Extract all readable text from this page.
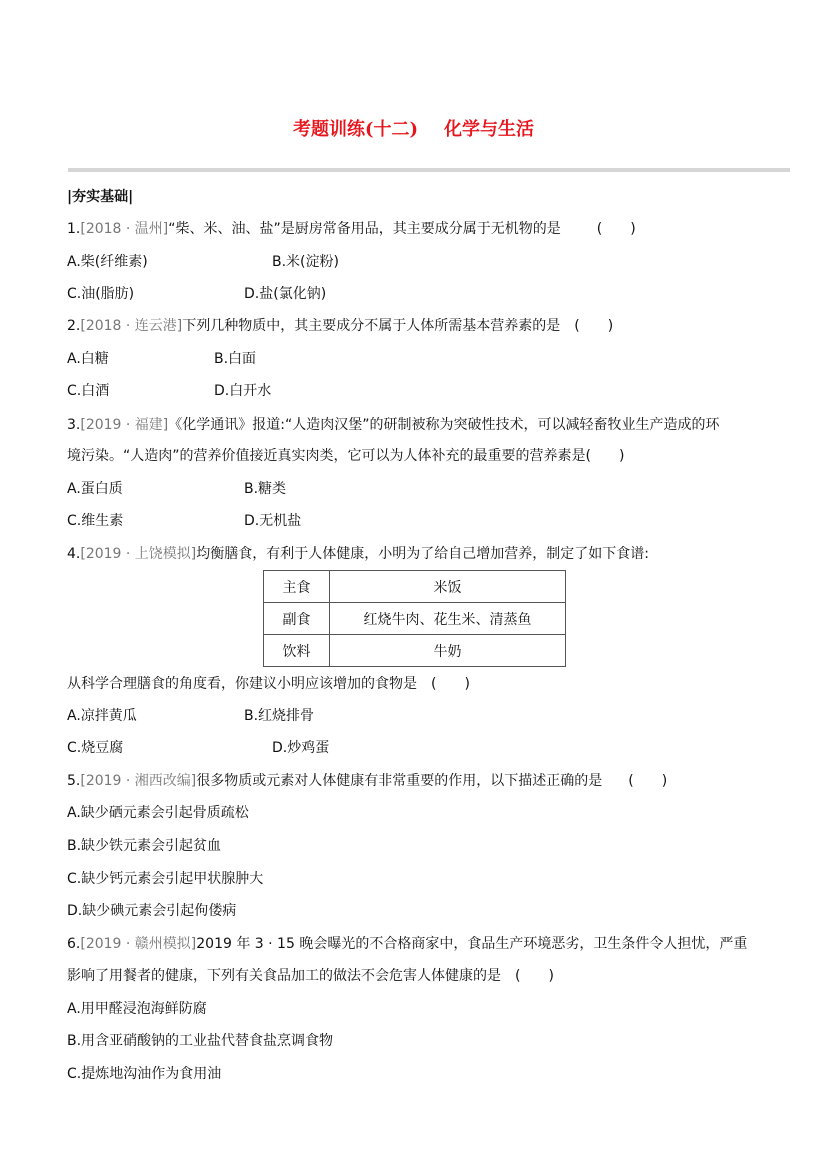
考题训练(十二) 化学与生活
|夯实基础|
1.[2018 · 温州]“柴、米、油、盐”是厨房常备用品，其主要成分属于无机物的是	(　　)
A.柴(纤维素)	B.米(淀粉)
C.油(脂肪)	D.盐(氯化钠)
2.[2018 · 连云港]下列几种物质中，其主要成分不属于人体所需基本营养素的是 (　　)
A.白糖	B.白面
C.白酒	D.白开水
3.[2019 · 福建]《化学通讯》报道:“人造肉汉堡”的研制被称为突破性技术，可以减轻畜牧业生产造成的环
境污染。“人造肉”的营养价值接近真实肉类，它可以为人体补充的最重要的营养素是(　　)
A.蛋白质	B.糖类
C.维生素	D.无机盐
4.[2019 · 上饶模拟]均衡膳食，有利于人体健康，小明为了给自己增加营养，制定了如下食谱:
主食	米饭
副食	红烧牛肉、花生米、清蒸鱼
饮料	牛奶
从科学合理膳食的角度看，你建议小明应该增加的食物是 (　　)
A.凉拌黄瓜	B.红烧排骨
C.烧豆腐	D.炒鸡蛋
5.[2019 · 湘西改编]很多物质或元素对人体健康有非常重要的作用，以下描述正确的是 (　　)
A.缺少硒元素会引起骨质疏松
B.缺少铁元素会引起贫血
C.缺少钙元素会引起甲状腺肿大
D.缺少碘元素会引起佝偻病
6.[2019 · 赣州模拟]2019 年 3 · 15 晚会曝光的不合格商家中，食品生产环境恶劣，卫生条件令人担忧，严重
影响了用餐者的健康，下列有关食品加工的做法不会危害人体健康的是 (　　)
A.用甲醛浸泡海鲜防腐
B.用含亚硝酸钠的工业盐代替食盐烹调食物
C.提炼地沟油作为食用油
